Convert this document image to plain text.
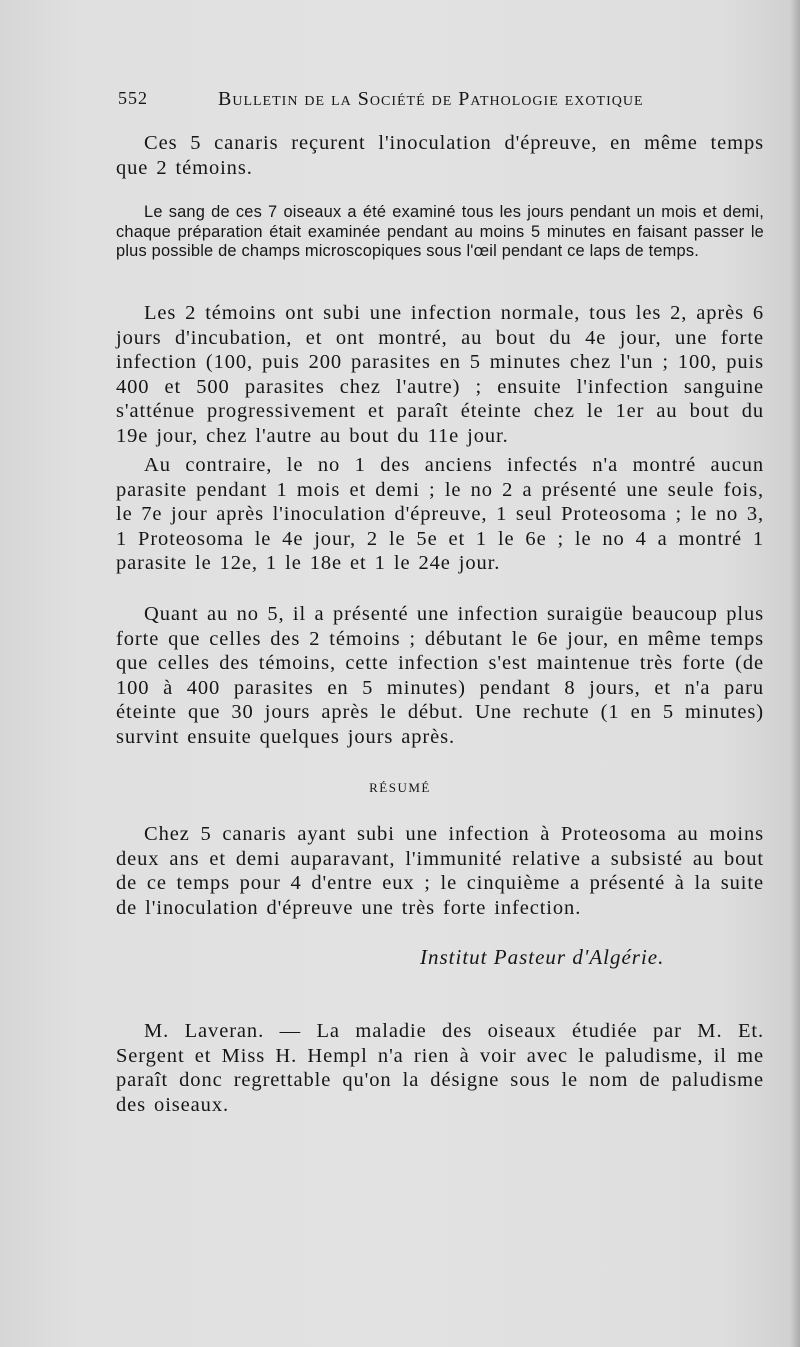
552	Bulletin de la Société de Pathologie exotique

Ces 5 canaris reçurent l'inoculation d'épreuve, en même temps que 2 témoins.

Le sang de ces 7 oiseaux a été examiné tous les jours pendant un mois et demi, chaque préparation était examinée pendant au moins 5 minutes en faisant passer le plus possible de champs microscopiques sous l'œil pendant ce laps de temps.

Les 2 témoins ont subi une infection normale, tous les 2, après 6 jours d'incubation, et ont montré, au bout du 4e jour, une forte infection (100, puis 200 parasites en 5 minutes chez l'un ; 100, puis 400 et 500 parasites chez l'autre) ; ensuite l'infection sanguine s'atténue progressivement et paraît éteinte chez le 1er au bout du 19e jour, chez l'autre au bout du 11e jour.

Au contraire, le no 1 des anciens infectés n'a montré aucun parasite pendant 1 mois et demi ; le no 2 a présenté une seule fois, le 7e jour après l'inoculation d'épreuve, 1 seul Proteosoma ; le no 3, 1 Proteosoma le 4e jour, 2 le 5e et 1 le 6e ; le no 4 a montré 1 parasite le 12e, 1 le 18e et 1 le 24e jour.

Quant au no 5, il a présenté une infection suraigüe beaucoup plus forte que celles des 2 témoins ; débutant le 6e jour, en même temps que celles des témoins, cette infection s'est maintenue très forte (de 100 à 400 parasites en 5 minutes) pendant 8 jours, et n'a paru éteinte que 30 jours après le début. Une rechute (1 en 5 minutes) survint ensuite quelques jours après.

RÉSUMÉ

Chez 5 canaris ayant subi une infection à Proteosoma au moins deux ans et demi auparavant, l'immunité relative a subsisté au bout de ce temps pour 4 d'entre eux ; le cinquième a présenté à la suite de l'inoculation d'épreuve une très forte infection.

Institut Pasteur d'Algérie.

M. Laveran. — La maladie des oiseaux étudiée par M. Et. Sergent et Miss H. Hempl n'a rien à voir avec le paludisme, il me paraît donc regrettable qu'on la désigne sous le nom de paludisme des oiseaux.
